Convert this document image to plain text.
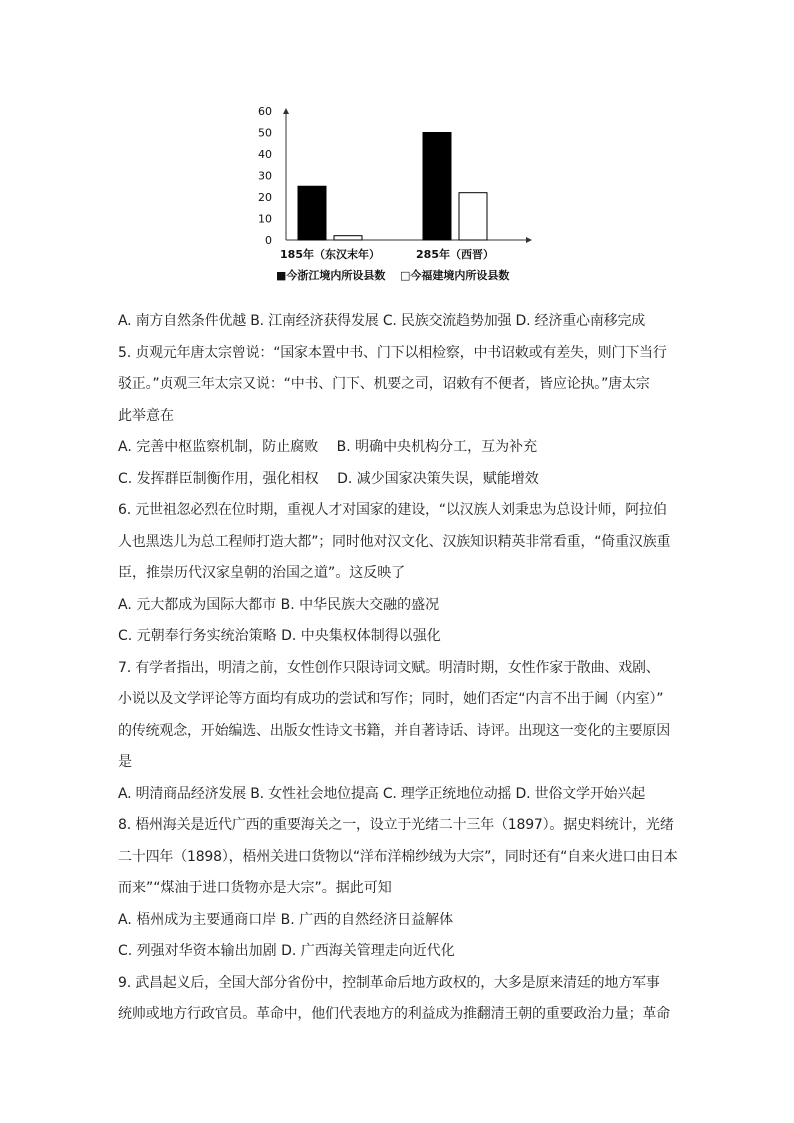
0
10
20
30
40
50
60
185年（东汉末年）	285年（西晋）
■今浙江境内所设县数 □今福建境内所设县数
A. 南方自然条件优越 B. 江南经济获得发展 C. 民族交流趋势加强 D. 经济重心南移完成
5. 贞观元年唐太宗曾说：“国家本置中书、门下以相检察，中书诏敕或有差失，则门下当行
驳正。”贞观三年太宗又说：“中书、门下、机要之司，诏敕有不便者，皆应论执。”唐太宗
此举意在
A. 完善中枢监察机制，防止腐败　 B. 明确中央机构分工，互为补充
C. 发挥群臣制衡作用，强化相权　 D. 减少国家决策失误，赋能增效
6. 元世祖忽必烈在位时期，重视人才对国家的建设，“以汉族人刘秉忠为总设计师，阿拉伯
人也黑迭儿为总工程师打造大都”；同时他对汉文化、汉族知识精英非常看重，“倚重汉族重
臣，推崇历代汉家皇朝的治国之道”。这反映了
A. 元大都成为国际大都市 B. 中华民族大交融的盛况
C. 元朝奉行务实统治策略 D. 中央集权体制得以强化
7. 有学者指出，明清之前，女性创作只限诗词文赋。明清时期，女性作家于散曲、戏剧、
小说以及文学评论等方面均有成功的尝试和写作；同时，她们否定“内言不出于阃（内室）”
的传统观念，开始编选、出版女性诗文书籍，并自著诗话、诗评。出现这一变化的主要原因
是
A. 明清商品经济发展 B. 女性社会地位提高 C. 理学正统地位动摇 D. 世俗文学开始兴起
8. 梧州海关是近代广西的重要海关之一，设立于光绪二十三年（1897）。据史料统计，光绪
二十四年（1898），梧州关进口货物以“洋布洋棉纱绒为大宗”，同时还有“自来火进口由日本
而来”“煤油于进口货物亦是大宗”。据此可知
A. 梧州成为主要通商口岸 B. 广西的自然经济日益解体
C. 列强对华资本输出加剧 D. 广西海关管理走向近代化
9. 武昌起义后，全国大部分省份中，控制革命后地方政权的，大多是原来清廷的地方军事
统帅或地方行政官员。革命中，他们代表地方的利益成为推翻清王朝的重要政治力量；革命
